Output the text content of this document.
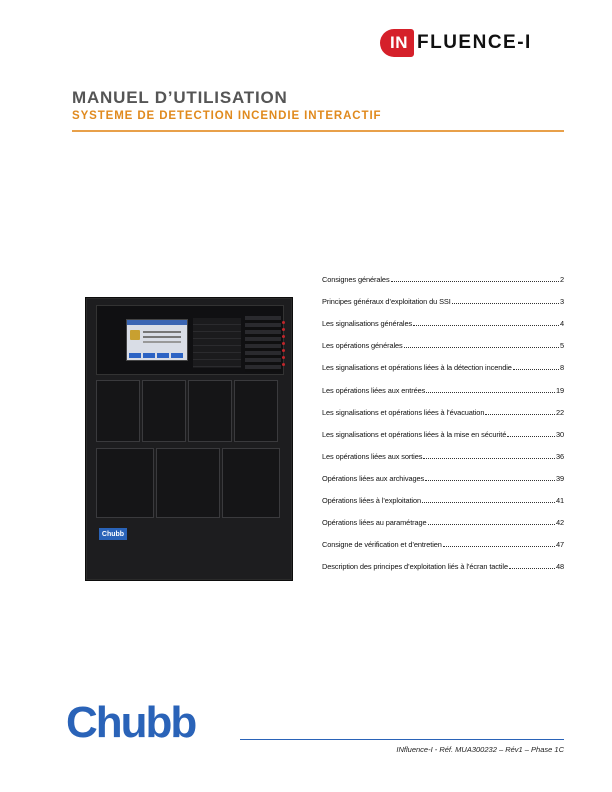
IN FLUENCE-I
MANUEL D’UTILISATION
SYSTEME DE DETECTION INCENDIE INTERACTIF
Chubb
Consignes générales	2
Principes généraux d’exploitation du SSI	3
Les signalisations générales	4
Les opérations générales	5
Les signalisations et opérations liées à la détection incendie	8
Les opérations liées aux entrées	19
Les signalisations et opérations liées à l’évacuation	22
Les signalisations et opérations liées à la mise en sécurité	30
Les opérations liées aux sorties	36
Opérations liées aux archivages	39
Opérations liées à l’exploitation	41
Opérations liées au paramétrage	42
Consigne de vérification et d’entretien	47
Description des principes d’exploitation liés à l’écran tactile	48
Chubb
INfluence-I - Réf. MUA300232 – Rév1 – Phase 1C
